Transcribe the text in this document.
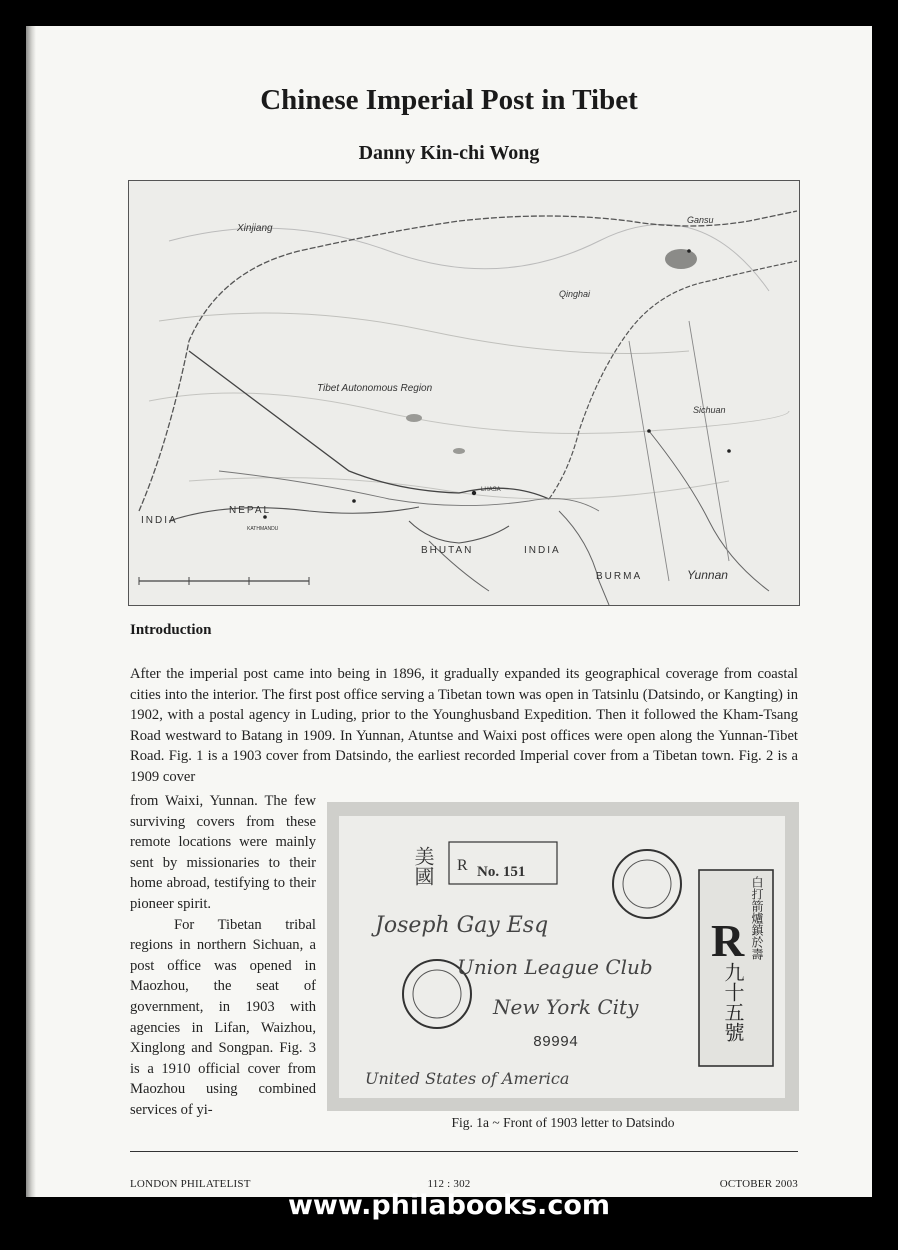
Chinese Imperial Post in Tibet
Danny Kin-chi Wong
Xinjiang
Gansu
Qinghai
Tibet Autonomous Region
Sichuan
INDIA
NEPAL
BHUTAN	INDIA
BURMA	Yunnan
LHASA
KATHMANDU
Introduction
After the imperial post came into being in 1896, it gradually expanded its geographical coverage from coastal cities into the interior. The first post office serving a Tibetan town was open in Tatsinlu (Datsindo, or Kangting) in 1902, with a postal agency in Luding, prior to the Younghusband Expedition. Then it followed the Kham-Tsang Road westward to Batang in 1909. In Yunnan, Atuntse and Waixi post offices were open along the Yunnan-Tibet Road. Fig. 1 is a 1903 cover from Datsindo, the earliest recorded Imperial cover from a Tibetan town. Fig. 2 is a 1909 cover

from Waixi, Yunnan. The few surviving covers from these remote locations were mainly sent by missionaries to their home abroad, testifying to their pioneer spirit.

For Tibetan tribal regions in northern Sichuan, a post office was opened in Maozhou, the seat of government, in 1903 with agencies in Lifan, Waizhou, Xinglong and Songpan. Fig. 3 is a 1910 official cover from Maozhou using combined services of yi-

R No. 151
美國
R 白打箭爐鎮於壽
九十五號
Joseph Gay Esq
Union League Club
New York City
United States of America
89994
Fig. 1a ~ Front of 1903 letter to Datsindo
LONDON PHILATELIST	112 : 302	OCTOBER 2003
www.philabooks.com
